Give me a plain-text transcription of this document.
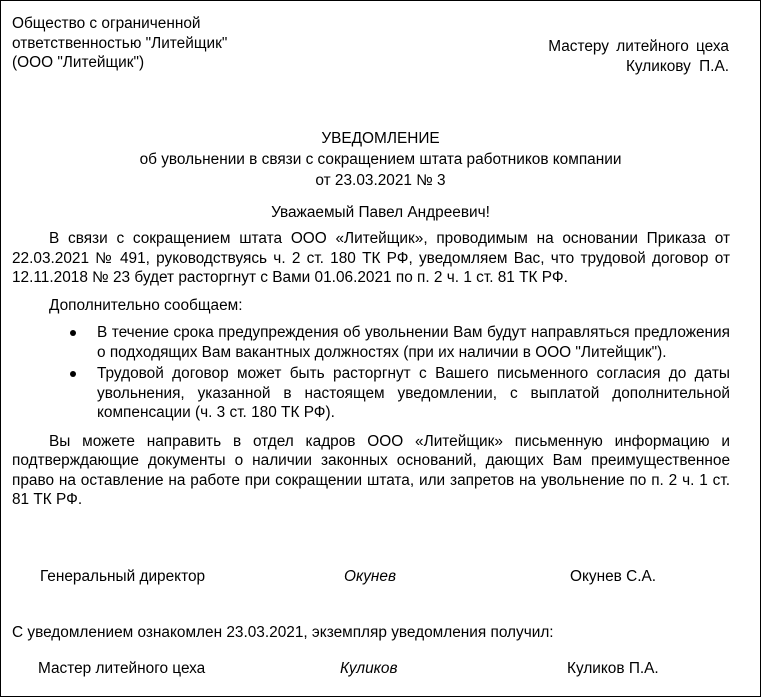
Общество с ограниченной
ответственностью "Литейщик"
(ООО "Литейщик")
Мастеру литейного цеха
Куликову П.А.
УВЕДОМЛЕНИЕ
об увольнении в связи с сокращением штата работников компании
от 23.03.2021 № 3
Уважаемый Павел Андреевич!

В связи с сокращением штата ООО «Литейщик», проводимым на основании Приказа от 22.03.2021 № 491, руководствуясь ч. 2 ст. 180 ТК РФ, уведомляем Вас, что трудовой договор от 12.11.2018 № 23 будет расторгнут с Вами 01.06.2021 по п. 2 ч. 1 ст. 81 ТК РФ.

Дополнительно сообщаем:

В течение срока предупреждения об увольнении Вам будут направляться предложения о подходящих Вам вакантных должностях (при их наличии в ООО "Литейщик").
Трудовой договор может быть расторгнут с Вашего письменного согласия до даты увольнения, указанной в настоящем уведомлении, с выплатой дополнительной компенсации (ч. 3 ст. 180 ТК РФ).

Вы можете направить в отдел кадров ООО «Литейщик» письменную информацию и подтверждающие документы о наличии законных оснований, дающих Вам преимущественное право на оставление на работе при сокращении штата, или запретов на увольнение по п. 2 ч. 1 ст. 81 ТК РФ.

Генеральный директор	Окунев	Окунев С.А.
С уведомлением ознакомлен 23.03.2021, экземпляр уведомления получил:
Мастер литейного цеха	Куликов	Куликов П.А.
